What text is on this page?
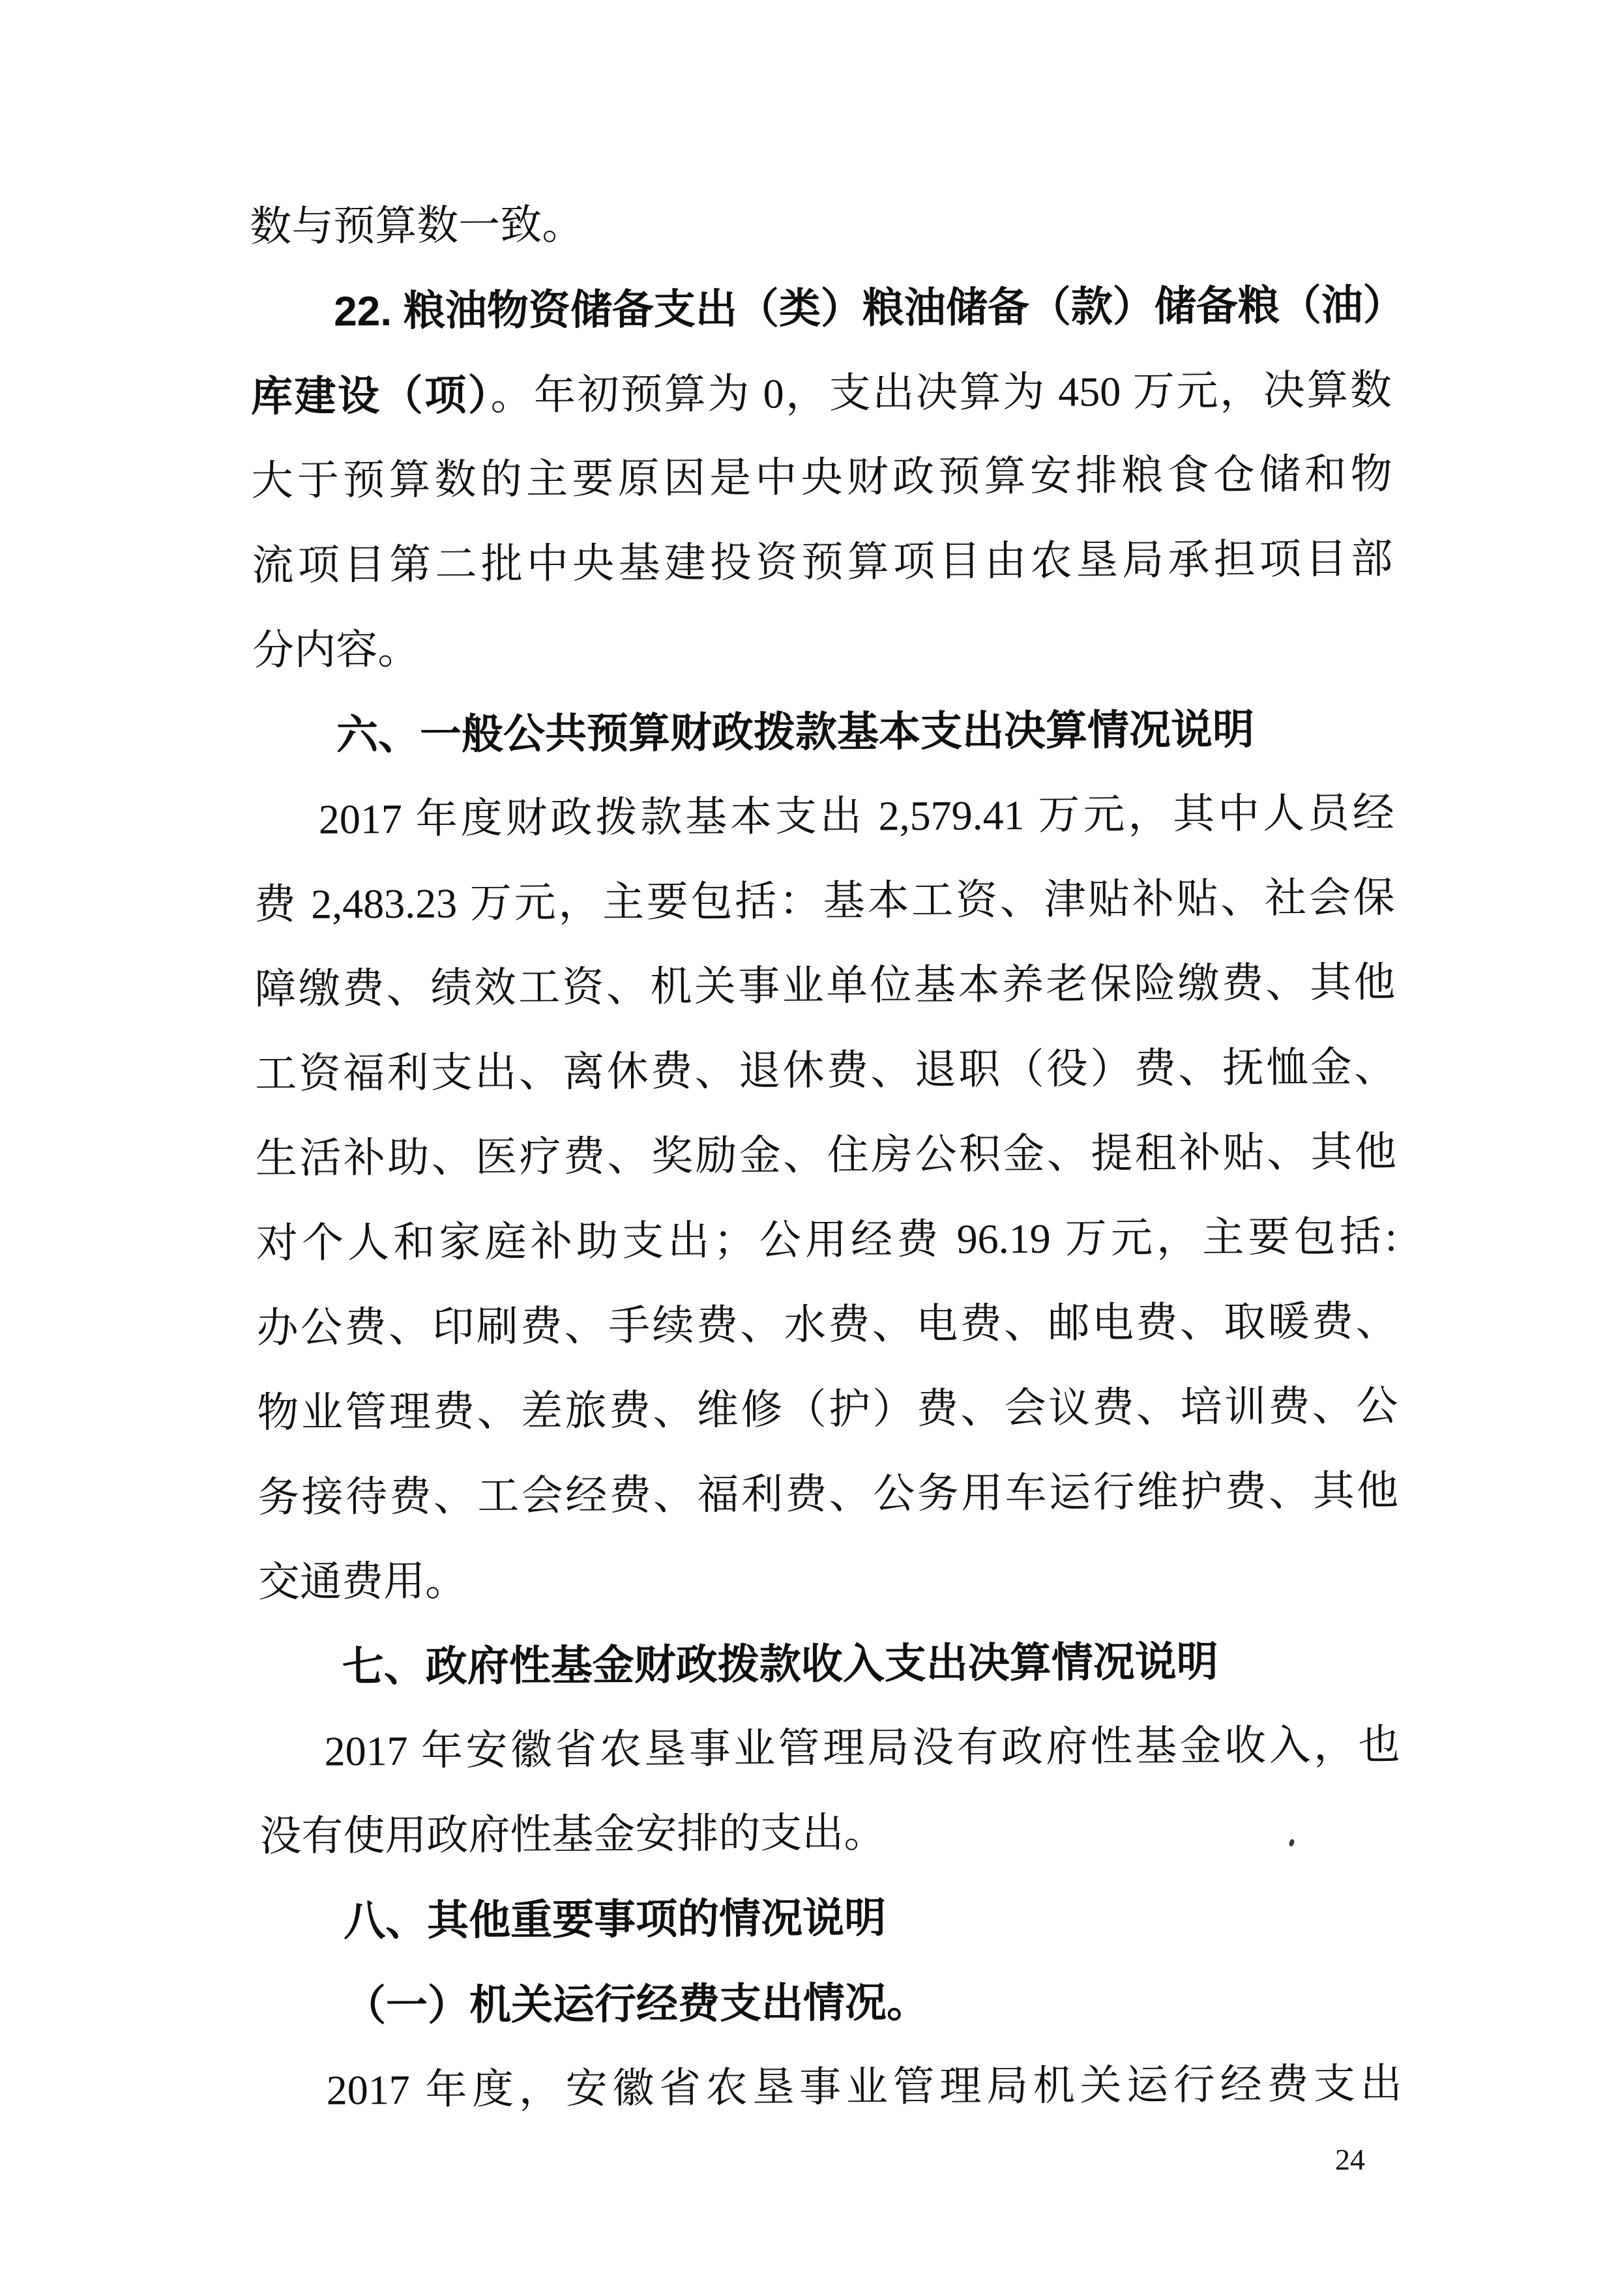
数与预算数一致。
22. 粮油物资储备支出（类）粮油储备（款）储备粮（油）
库建设（项）。年初预算为 0，支出决算为 450 万元，决算数
大于预算数的主要原因是中央财政预算安排粮食仓储和物
流项目第二批中央基建投资预算项目由农垦局承担项目部
分内容。
六、一般公共预算财政拨款基本支出决算情况说明
2017 年度财政拨款基本支出 2,579.41 万元，其中人员经
费 2,483.23 万元，主要包括：基本工资、津贴补贴、社会保
障缴费、绩效工资、机关事业单位基本养老保险缴费、其他
工资福利支出、离休费、退休费、退职（役）费、抚恤金、
生活补助、医疗费、奖励金、住房公积金、提租补贴、其他
对个人和家庭补助支出；公用经费 96.19 万元，主要包括:
办公费、印刷费、手续费、水费、电费、邮电费、取暖费、
物业管理费、差旅费、维修（护）费、会议费、培训费、公
务接待费、工会经费、福利费、公务用车运行维护费、其他
交通费用。
七、政府性基金财政拨款收入支出决算情况说明
2017 年安徽省农垦事业管理局没有政府性基金收入，也
没有使用政府性基金安排的支出。
八、其他重要事项的情况说明
（一）机关运行经费支出情况。
2017 年度，安徽省农垦事业管理局机关运行经费支出
24
